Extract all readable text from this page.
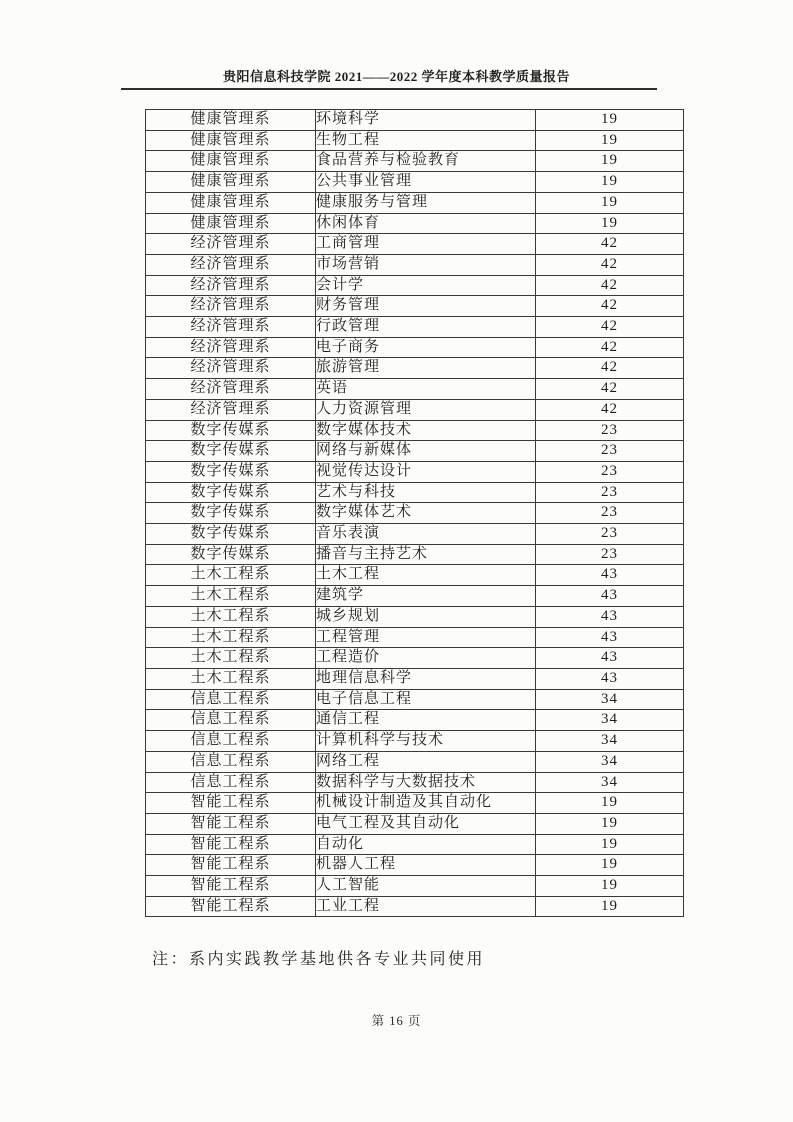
贵阳信息科技学院 2021——2022 学年度本科教学质量报告
健康管理系	环境科学	19
健康管理系	生物工程	19
健康管理系	食品营养与检验教育	19
健康管理系	公共事业管理	19
健康管理系	健康服务与管理	19
健康管理系	休闲体育	19
经济管理系	工商管理	42
经济管理系	市场营销	42
经济管理系	会计学	42
经济管理系	财务管理	42
经济管理系	行政管理	42
经济管理系	电子商务	42
经济管理系	旅游管理	42
经济管理系	英语	42
经济管理系	人力资源管理	42
数字传媒系	数字媒体技术	23
数字传媒系	网络与新媒体	23
数字传媒系	视觉传达设计	23
数字传媒系	艺术与科技	23
数字传媒系	数字媒体艺术	23
数字传媒系	音乐表演	23
数字传媒系	播音与主持艺术	23
土木工程系	土木工程	43
土木工程系	建筑学	43
土木工程系	城乡规划	43
土木工程系	工程管理	43
土木工程系	工程造价	43
土木工程系	地理信息科学	43
信息工程系	电子信息工程	34
信息工程系	通信工程	34
信息工程系	计算机科学与技术	34
信息工程系	网络工程	34
信息工程系	数据科学与大数据技术	34
智能工程系	机械设计制造及其自动化	19
智能工程系	电气工程及其自动化	19
智能工程系	自动化	19
智能工程系	机器人工程	19
智能工程系	人工智能	19
智能工程系	工业工程	19
注：系内实践教学基地供各专业共同使用
第 16 页
